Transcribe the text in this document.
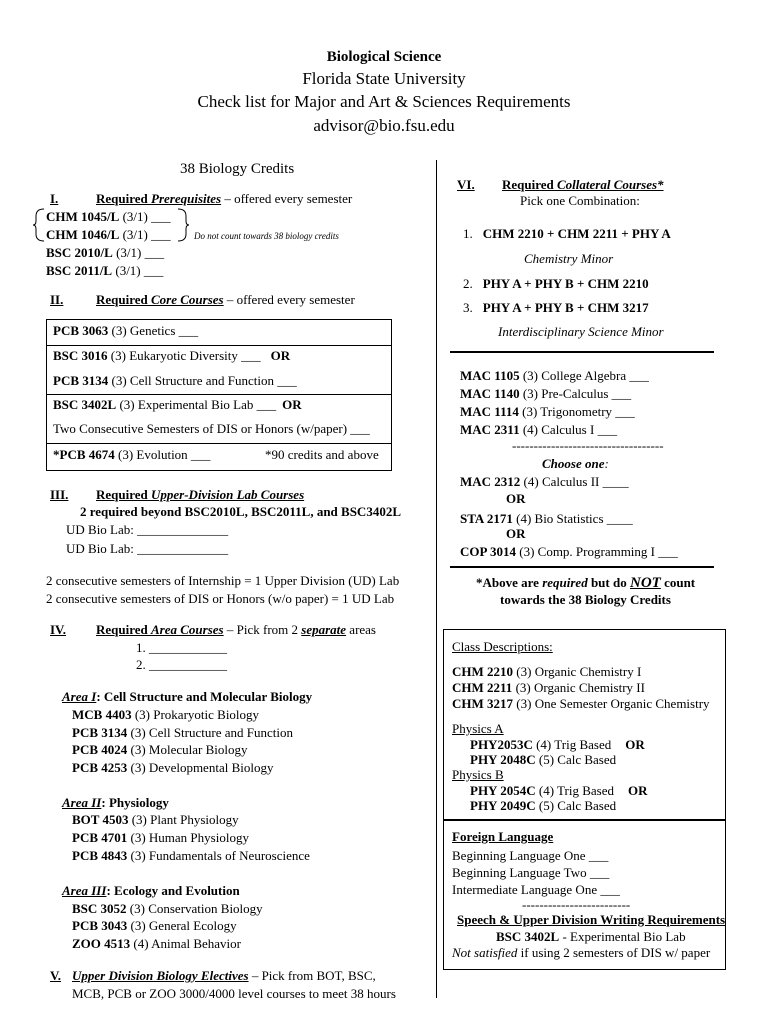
Biological Science
Florida State University
Check list for Major and Art & Sciences Requirements
advisor@bio.fsu.edu
38 Biology Credits
I.	Required Prerequisites – offered every semester
CHM 1045/L (3/1) ___
CHM 1046/L (3/1) ___	Do not count towards 38 biology credits
BSC 2010/L (3/1) ___
BSC 2011/L (3/1) ___
II.	Required Core Courses – offered every semester
PCB 3063 (3) Genetics ___
BSC 3016 (3) Eukaryotic Diversity ___ OR
PCB 3134 (3) Cell Structure and Function ___
BSC 3402L (3) Experimental Bio Lab ___ OR
Two Consecutive Semesters of DIS or Honors (w/paper) ___
*PCB 4674 (3) Evolution ___	*90 credits and above
III. Required Upper-Division Lab Courses
2 required beyond BSC2010L, BSC2011L, and BSC3402L
UD Bio Lab: ______________
UD Bio Lab: ______________
2 consecutive semesters of Internship = 1 Upper Division (UD) Lab
2 consecutive semesters of DIS or Honors (w/o paper) = 1 UD Lab
IV. Required Area Courses – Pick from 2 separate areas
1. ____________
2. ____________
Area I: Cell Structure and Molecular Biology
MCB 4403 (3) Prokaryotic Biology
PCB 3134 (3) Cell Structure and Function
PCB 4024 (3) Molecular Biology
PCB 4253 (3) Developmental Biology
Area II: Physiology
BOT 4503 (3) Plant Physiology
PCB 4701 (3) Human Physiology
PCB 4843 (3) Fundamentals of Neuroscience
Area III: Ecology and Evolution
BSC 3052 (3) Conservation Biology
PCB 3043 (3) General Ecology
ZOO 4513 (4) Animal Behavior
V. Upper Division Biology Electives – Pick from BOT, BSC,
MCB, PCB or ZOO 3000/4000 level courses to meet 38 hours
VI. Required Collateral Courses*
Pick one Combination:
1. CHM 2210 + CHM 2211 + PHY A
Chemistry Minor
2. PHY A + PHY B + CHM 2210
3. PHY A + PHY B + CHM 3217
Interdisciplinary Science Minor
MAC 1105 (3) College Algebra ___
MAC 1140 (3) Pre-Calculus ___
MAC 1114 (3) Trigonometry ___
MAC 2311 (4) Calculus I ___
-----------------------------------
Choose one:
MAC 2312 (4) Calculus II ____
OR
STA 2171 (4) Bio Statistics ____
OR
COP 3014 (3) Comp. Programming I ___
*Above are required but do NOT count
towards the 38 Biology Credits
Class Descriptions:
CHM 2210 (3) Organic Chemistry I
CHM 2211 (3) Organic Chemistry II
CHM 3217 (3) One Semester Organic Chemistry
Physics A
PHY2053C (4) Trig Based OR
PHY 2048C (5) Calc Based
Physics B
PHY 2054C (4) Trig Based OR
PHY 2049C (5) Calc Based
Foreign Language
Beginning Language One ___
Beginning Language Two ___
Intermediate Language One ___
-------------------------
Speech & Upper Division Writing Requirements
BSC 3402L - Experimental Bio Lab
Not satisfied if using 2 semesters of DIS w/ paper
